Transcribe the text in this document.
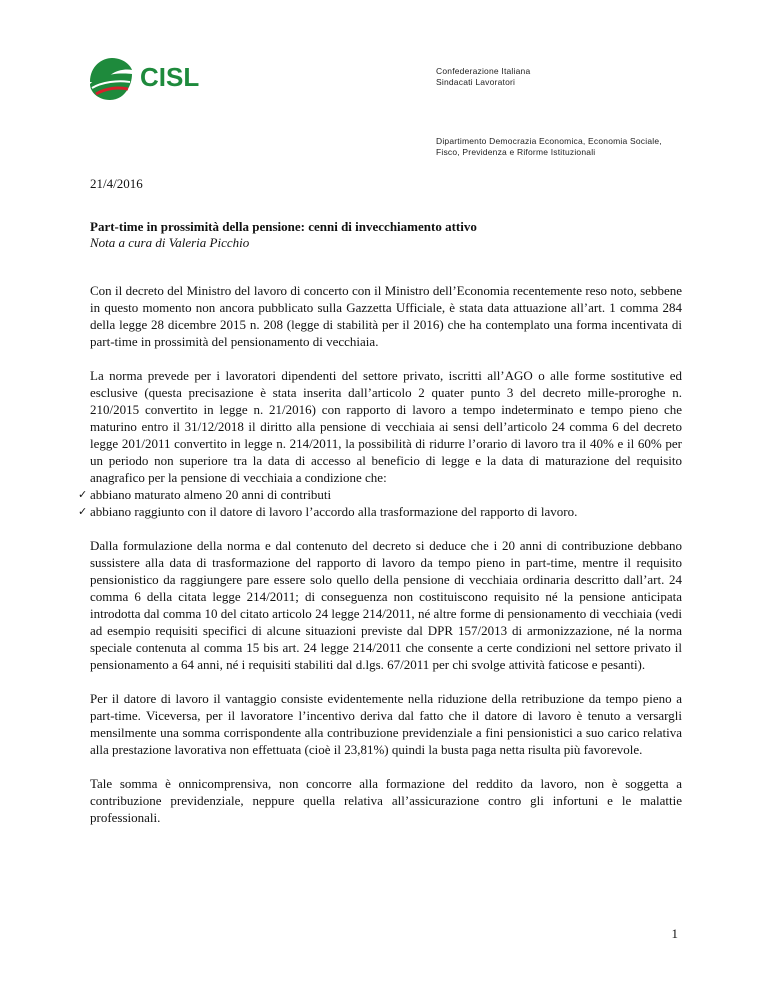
CISL	Confederazione Italiana
Sindacati Lavoratori
Dipartimento Democrazia Economica, Economia Sociale,
Fisco, Previdenza e Riforme Istituzionali
21/4/2016
Part-time in prossimità della pensione: cenni di invecchiamento attivo
Nota a cura di Valeria Picchio

Con il decreto del Ministro del lavoro di concerto con il Ministro dell’Economia recentemente reso noto, sebbene in questo momento non ancora pubblicato sulla Gazzetta Ufficiale, è stata data attuazione all’art. 1 comma 284 della legge 28 dicembre 2015 n. 208 (legge di stabilità per il 2016) che ha contemplato una forma incentivata di part-time in prossimità del pensionamento di vecchiaia.

La norma prevede per i lavoratori dipendenti del settore privato, iscritti all’AGO o alle forme sostitutive ed esclusive (questa precisazione è stata inserita dall’articolo 2 quater punto 3 del decreto mille-proroghe n. 210/2015 convertito in legge n. 21/2016) con rapporto di lavoro a tempo indeterminato e tempo pieno che maturino entro il 31/12/2018 il diritto alla pensione di vecchiaia ai sensi dell’articolo 24 comma 6 del decreto legge 201/2011 convertito in legge n. 214/2011, la possibilità di ridurre l’orario di lavoro tra il 40% e il 60% per un periodo non superiore tra la data di accesso al beneficio di legge e la data di maturazione del requisito anagrafico per la pensione di vecchiaia a condizione che:

✓ abbiano maturato almeno 20 anni di contributi
✓ abbiano raggiunto con il datore di lavoro l’accordo alla trasformazione del rapporto di lavoro.

Dalla formulazione della norma e dal contenuto del decreto si deduce che i 20 anni di contribuzione debbano sussistere alla data di trasformazione del rapporto di lavoro da tempo pieno in part-time, mentre il requisito pensionistico da raggiungere pare essere solo quello della pensione di vecchiaia ordinaria descritto dall’art. 24 comma 6 della citata legge 214/2011; di conseguenza non costituiscono requisito né la pensione anticipata introdotta dal comma 10 del citato articolo 24 legge 214/2011, né altre forme di pensionamento di vecchiaia (vedi ad esempio requisiti specifici di alcune situazioni previste dal DPR 157/2013 di armonizzazione, né la norma speciale contenuta al comma 15 bis art. 24 legge 214/2011 che consente a certe condizioni nel settore privato il pensionamento a 64 anni, né i requisiti stabiliti dal d.lgs. 67/2011 per chi svolge attività faticose e pesanti).

Per il datore di lavoro il vantaggio consiste evidentemente nella riduzione della retribuzione da tempo pieno a part-time. Viceversa, per il lavoratore l’incentivo deriva dal fatto che il datore di lavoro è tenuto a versargli mensilmente una somma corrispondente alla contribuzione previdenziale a fini pensionistici a suo carico relativa alla prestazione lavorativa non effettuata (cioè il 23,81%) quindi la busta paga netta risulta più favorevole.

Tale somma è onnicomprensiva, non concorre alla formazione del reddito da lavoro, non è soggetta a contribuzione previdenziale, neppure quella relativa all’assicurazione contro gli infortuni e le malattie professionali.

1
